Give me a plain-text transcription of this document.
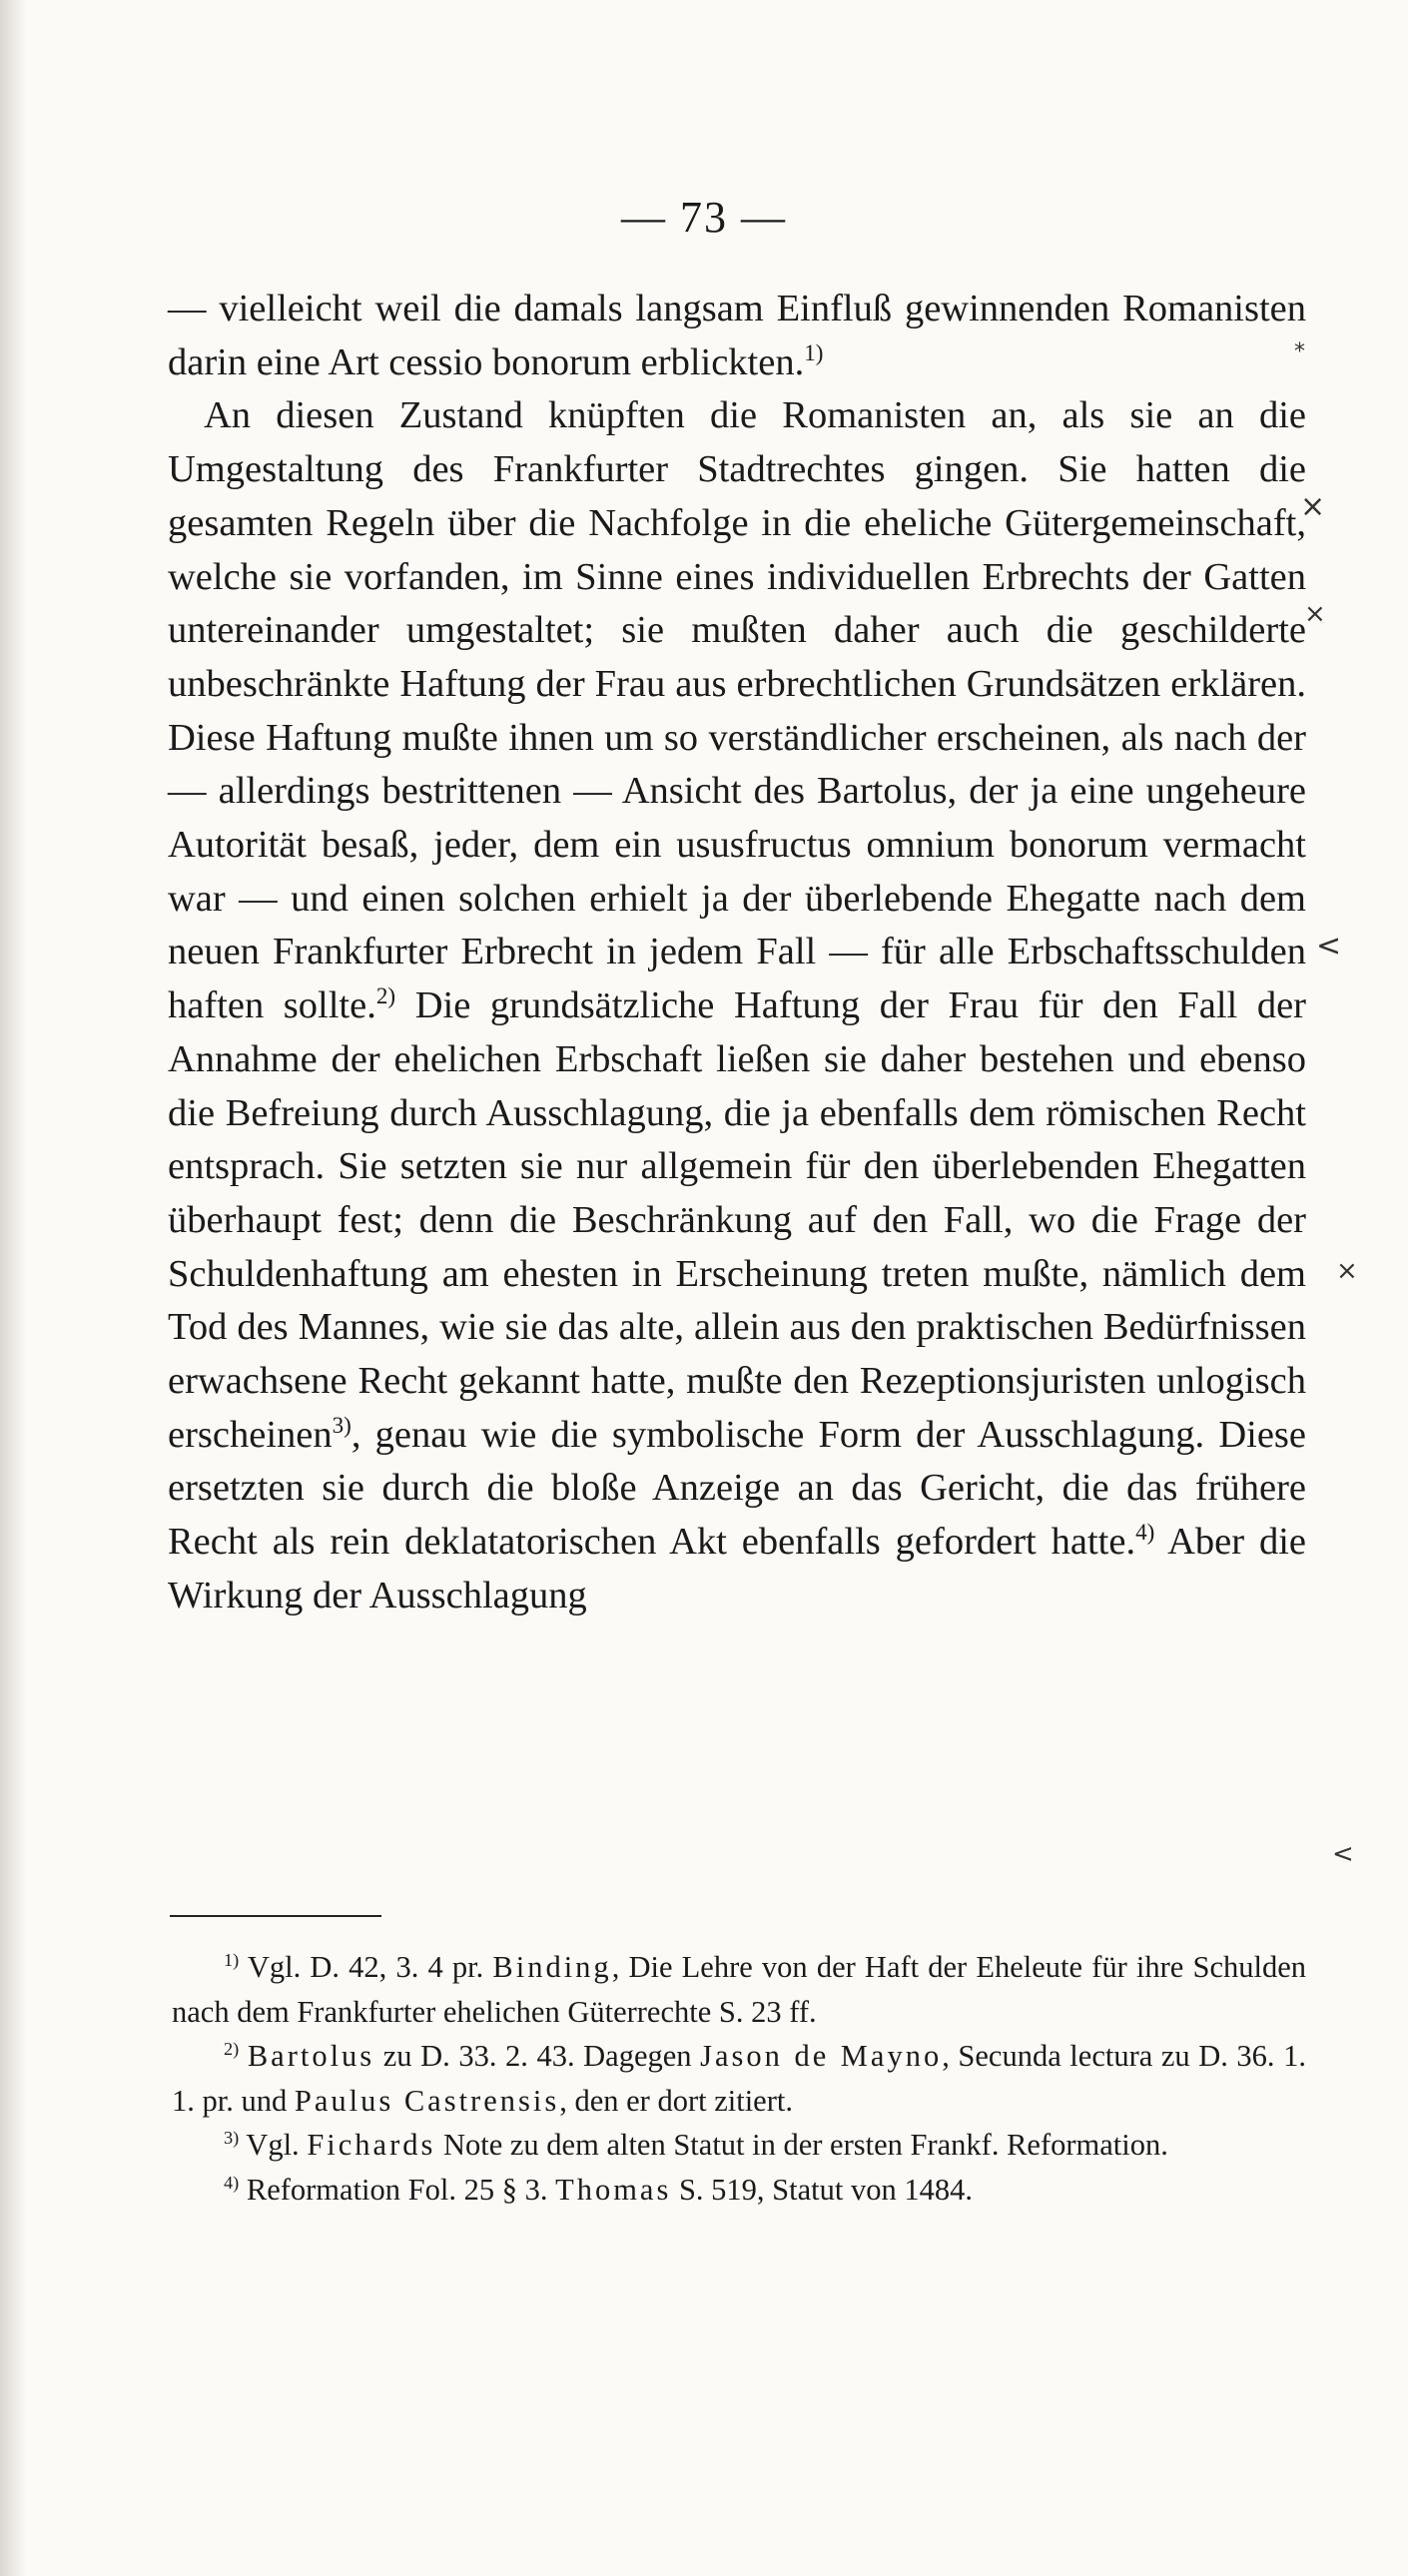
— 73 —

— vielleicht weil die damals langsam Einfluß gewinnenden Romanisten darin eine Art cessio bonorum erblickten.$^{1)}$

An diesen Zustand knüpften die Romanisten an, als sie an die Umgestaltung des Frankfurter Stadtrechtes gingen. Sie hatten die gesamten Regeln über die Nachfolge in die eheliche Gütergemeinschaft, welche sie vorfanden, im Sinne eines individuellen Erbrechts der Gatten untereinander umgestaltet; sie mußten daher auch die geschilderte unbeschränkte Haftung der Frau aus erbrechtlichen Grundsätzen erklären. Diese Haftung mußte ihnen um so verständlicher erscheinen, als nach der — allerdings bestrittenen — Ansicht des Bartolus, der ja eine ungeheure Autorität besaß, jeder, dem ein ususfructus omnium bonorum vermacht war — und einen solchen erhielt ja der überlebende Ehegatte nach dem neuen Frankfurter Erbrecht in jedem Fall — für alle Erbschaftsschulden haften sollte.$^{2)}$ Die grundsätzliche Haftung der Frau für den Fall der Annahme der ehelichen Erbschaft ließen sie daher bestehen und ebenso die Befreiung durch Ausschlagung, die ja ebenfalls dem römischen Recht entsprach. Sie setzten sie nur allgemein für den überlebenden Ehegatten überhaupt fest; denn die Beschränkung auf den Fall, wo die Frage der Schuldenhaftung am ehesten in Erscheinung treten mußte, nämlich dem Tod des Mannes, wie sie das alte, allein aus den praktischen Bedürfnissen erwachsene Recht gekannt hatte, mußte den Rezeptionsjuristen unlogisch erscheinen$^{3)}$, genau wie die symbolische Form der Ausschlagung. Diese ersetzten sie durch die bloße Anzeige an das Gericht, die das frühere Recht als rein deklatatorischen Akt ebenfalls gefordert hatte.$^{4)}$ Aber die Wirkung der Ausschlagung

$^{1)}$ Vgl. D. 42, 3. 4 pr. Binding, Die Lehre von der Haft der Eheleute für ihre Schulden nach dem Frankfurter ehelichen Güterrechte S. 23 ff.

$^{2)}$ Bartolus zu D. 33. 2. 43. Dagegen Jason de Mayno, Secunda lectura zu D. 36. 1. 1. pr. und Paulus Castrensis, den er dort zitiert.

$^{3)}$ Vgl. Fichards Note zu dem alten Statut in der ersten Frankf. Reformation.

$^{4)}$ Reformation Fol. 25 § 3. Thomas S. 519, Statut von 1484.

*
×
×
<
×
<
